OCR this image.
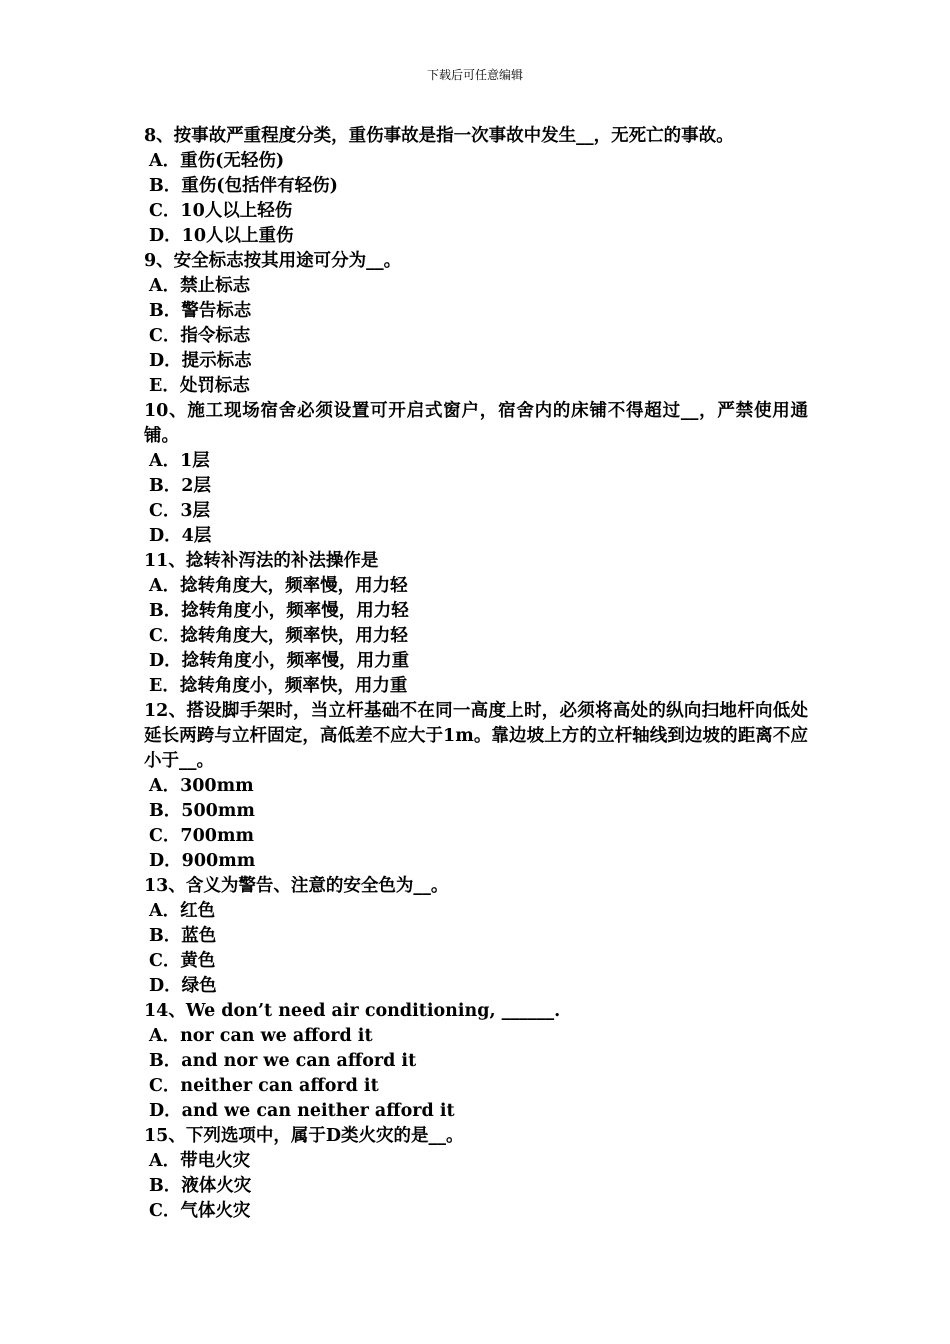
下载后可任意编辑

8、按事故严重程度分类，重伤事故是指一次事故中发生__，无死亡的事故。

A．重伤(无轻伤)
B．重伤(包括伴有轻伤)
C．10人以上轻伤
D．10人以上重伤

9、安全标志按其用途可分为__。

A．禁止标志
B．警告标志
C．指令标志
D．提示标志
E．处罚标志

10、施工现场宿舍必须设置可开启式窗户，宿舍内的床铺不得超过__，严禁使用通铺。

A．1层
B．2层
C．3层
D．4层

11、捻转补泻法的补法操作是

A．捻转角度大，频率慢，用力轻
B．捻转角度小，频率慢，用力轻
C．捻转角度大，频率快，用力轻
D．捻转角度小，频率慢，用力重
E．捻转角度小，频率快，用力重

12、搭设脚手架时，当立杆基础不在同一高度上时，必须将高处的纵向扫地杆向低处延长两跨与立杆固定，高低差不应大于1m。靠边坡上方的立杆轴线到边坡的距离不应小于__。

A．300mm
B．500mm
C．700mm
D．900mm

13、含义为警告、注意的安全色为__。

A．红色
B．蓝色
C．黄色
D．绿色

14、We don’t need air conditioning, ______.

A．nor can we afford it
B．and nor we can afford it
C．neither can afford it
D．and we can neither afford it

15、下列选项中，属于D类火灾的是__。

A．带电火灾
B．液体火灾
C．气体火灾
